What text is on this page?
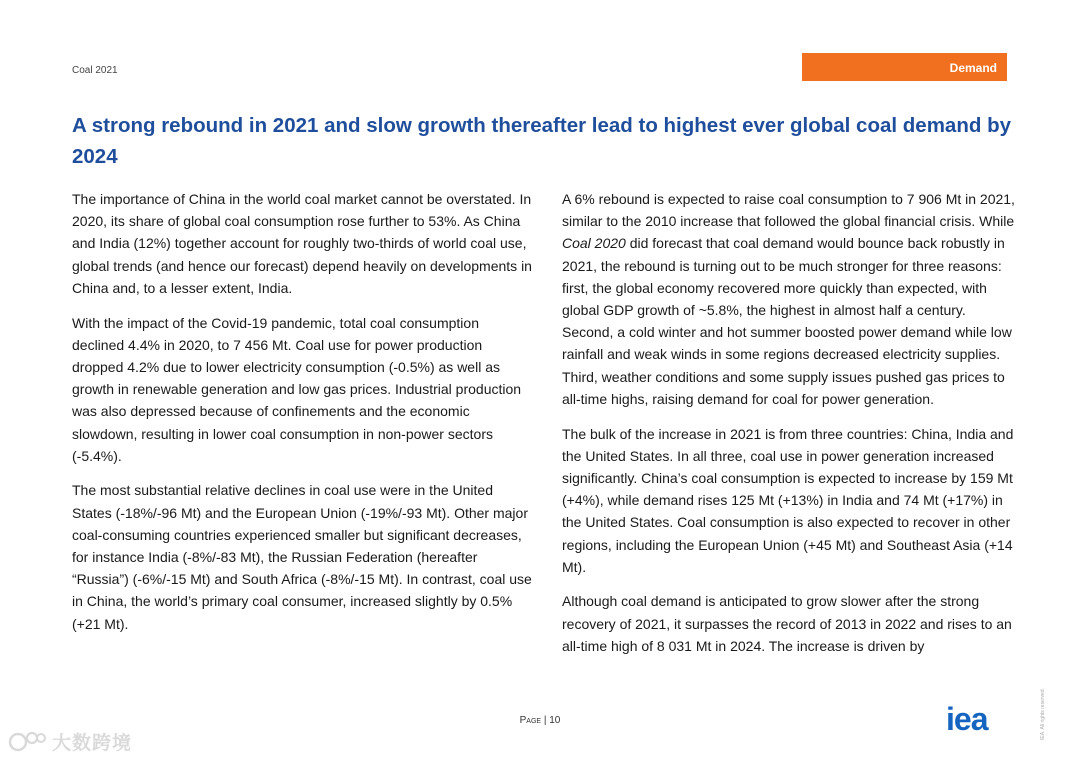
Coal 2021	Demand
A strong rebound in 2021 and slow growth thereafter lead to highest ever global coal demand by 2024

The importance of China in the world coal market cannot be overstated. In 2020, its share of global coal consumption rose further to 53%. As China and India (12%) together account for roughly two-thirds of world coal use, global trends (and hence our forecast) depend heavily on developments in China and, to a lesser extent, India.

With the impact of the Covid-19 pandemic, total coal consumption declined 4.4% in 2020, to 7 456 Mt. Coal use for power production dropped 4.2% due to lower electricity consumption (-0.5%) as well as growth in renewable generation and low gas prices. Industrial production was also depressed because of confinements and the economic slowdown, resulting in lower coal consumption in non-power sectors (-5.4%).

The most substantial relative declines in coal use were in the United States (-18%/-96 Mt) and the European Union (-19%/‑93 Mt). Other major coal-consuming countries experienced smaller but significant decreases, for instance India (-8%/‑83 Mt), the Russian Federation (hereafter “Russia”) (-6%/-15 Mt) and South Africa (-8%/-15 Mt). In contrast, coal use in China, the world’s primary coal consumer, increased slightly by 0.5% (+21 Mt).

A 6% rebound is expected to raise coal consumption to 7 906 Mt in 2021, similar to the 2010 increase that followed the global financial crisis. While Coal 2020 did forecast that coal demand would bounce back robustly in 2021, the rebound is turning out to be much stronger for three reasons: first, the global economy recovered more quickly than expected, with global GDP growth of ~5.8%, the highest in almost half a century. Second, a cold winter and hot summer boosted power demand while low rainfall and weak winds in some regions decreased electricity supplies. Third, weather conditions and some supply issues pushed gas prices to all-time highs, raising demand for coal for power generation.

The bulk of the increase in 2021 is from three countries: China, India and the United States. In all three, coal use in power generation increased significantly. China’s coal consumption is expected to increase by 159 Mt (+4%), while demand rises 125 Mt (+13%) in India and 74 Mt (+17%) in the United States. Coal consumption is also expected to recover in other regions, including the European Union (+45 Mt) and Southeast Asia (+14 Mt).

Although coal demand is anticipated to grow slower after the strong recovery of 2021, it surpasses the record of 2013 in 2022 and rises to an all-time high of 8 031 Mt in 2024. The increase is driven by

Page | 10	iea	IEA. All rights reserved.
大数跨境
